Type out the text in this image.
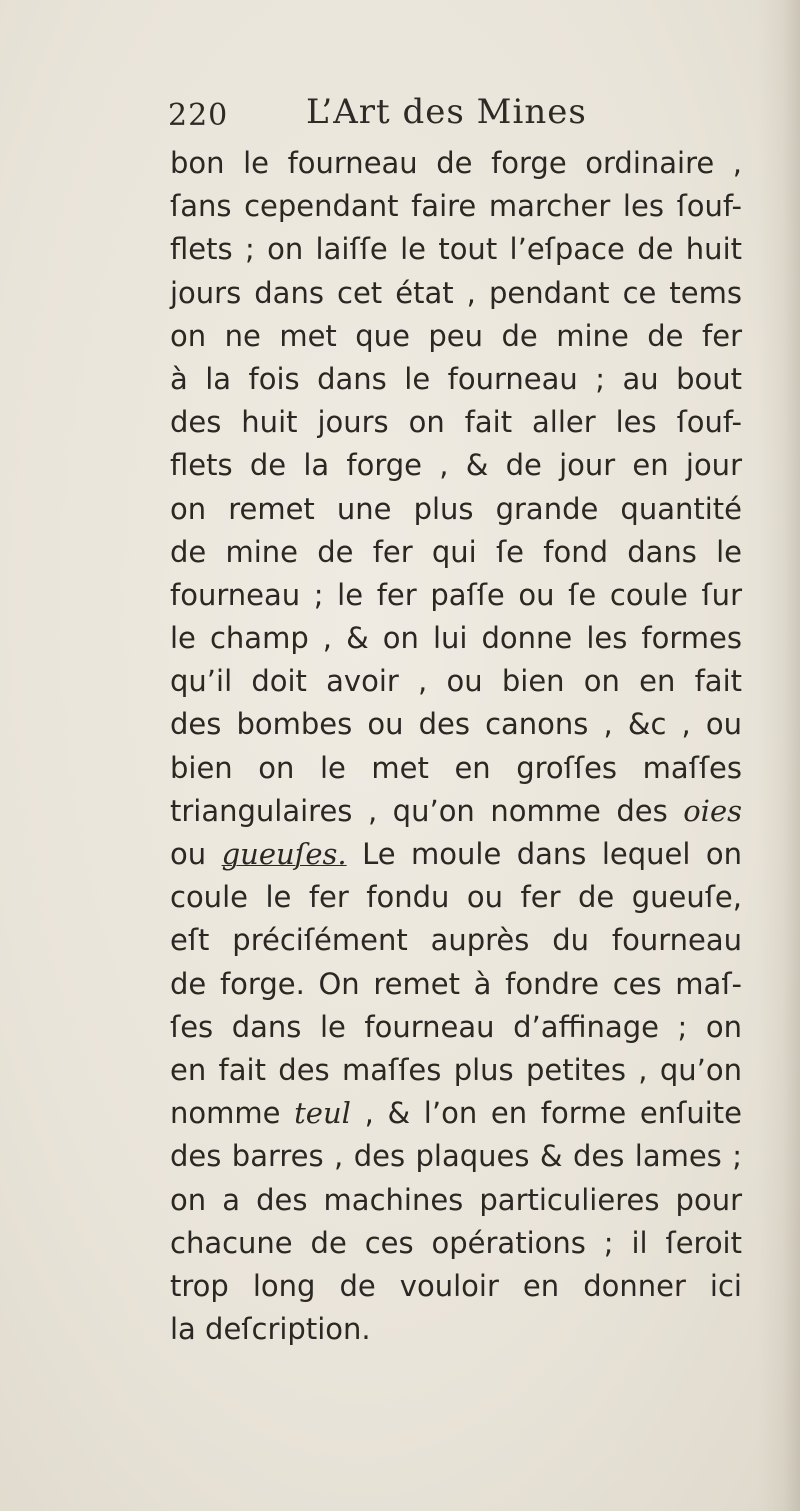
220 L’Art des Mines
bon le fourneau de forge ordinaire ,
ſans cependant faire marcher les ſouf-
flets ; on laiſſe le tout l’eſpace de huit
jours dans cet état , pendant ce tems
on ne met que peu de mine de fer
à la fois dans le fourneau ; au bout
des huit jours on fait aller les ſouf-
flets de la forge , & de jour en jour
on remet une plus grande quantité
de mine de fer qui ſe fond dans le
fourneau ; le fer paſſe ou ſe coule ſur
le champ , & on lui donne les formes
qu’il doit avoir , ou bien on en fait
des bombes ou des canons , &c , ou
bien on le met en groſſes maſſes
triangulaires , qu’on nomme des oies
ou gueuſes. Le moule dans lequel on
coule le fer fondu ou fer de gueuſe,
eſt préciſément auprès du fourneau
de forge. On remet à fondre ces maſ-
ſes dans le fourneau d’affinage ; on
en fait des maſſes plus petites , qu’on
nomme teul , & l’on en forme enſuite
des barres , des plaques & des lames ;
on a des machines particulieres pour
chacune de ces opérations ; il ſeroit
trop long de vouloir en donner ici
la deſcription.
